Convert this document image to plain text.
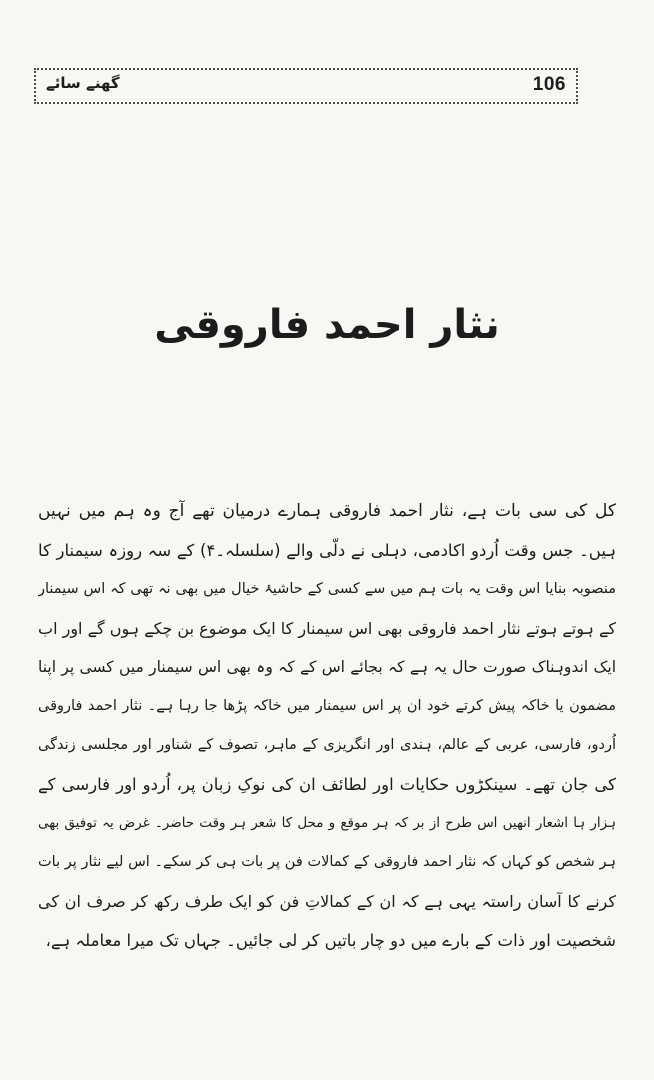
گھنے سائے	106
نثار احمد فاروقی
کل کی سی بات ہے، نثار احمد فاروقی ہمارے درمیان تھے آج وہ ہم میں نہیں
ہیں۔ جس وقت اُردو اکادمی، دہلی نے دلّی والے (سلسلہ۔۴) کے سہ روزہ سیمنار کا
منصوبہ بنایا اس وقت یہ بات ہم میں سے کسی کے حاشیۂ خیال میں بھی نہ تھی کہ اس سیمنار
کے ہوتے ہوتے نثار احمد فاروقی بھی اس سیمنار کا ایک موضوع بن چکے ہوں گے اور اب
ایک اندوہناک صورت حال یہ ہے کہ بجائے اس کے کہ وہ بھی اس سیمنار میں کسی پر اپنا
مضمون یا خاکہ پیش کرتے خود ان پر اس سیمنار میں خاکہ پڑھا جا رہا ہے۔ نثار احمد فاروقی
اُردو، فارسی، عربی کے عالم، ہندی اور انگریزی کے ماہر، تصوف کے شناور اور مجلسی زندگی
کی جان تھے۔ سینکڑوں حکایات اور لطائف ان کی نوکِ زبان پر، اُردو اور فارسی کے
ہزار ہا اشعار انھیں اس طرح از بر کہ ہر موقع و محل کا شعر ہر وقت حاضر۔ غرض یہ توفیق بھی
ہر شخص کو کہاں کہ نثار احمد فاروقی کے کمالات فن پر بات ہی کر سکے۔ اس لیے نثار پر بات
کرنے کا آسان راستہ یہی ہے کہ ان کے کمالاتِ فن کو ایک طرف رکھ کر صرف ان کی
شخصیت اور ذات کے بارے میں دو چار باتیں کر لی جائیں۔ جہاں تک میرا معاملہ ہے،
